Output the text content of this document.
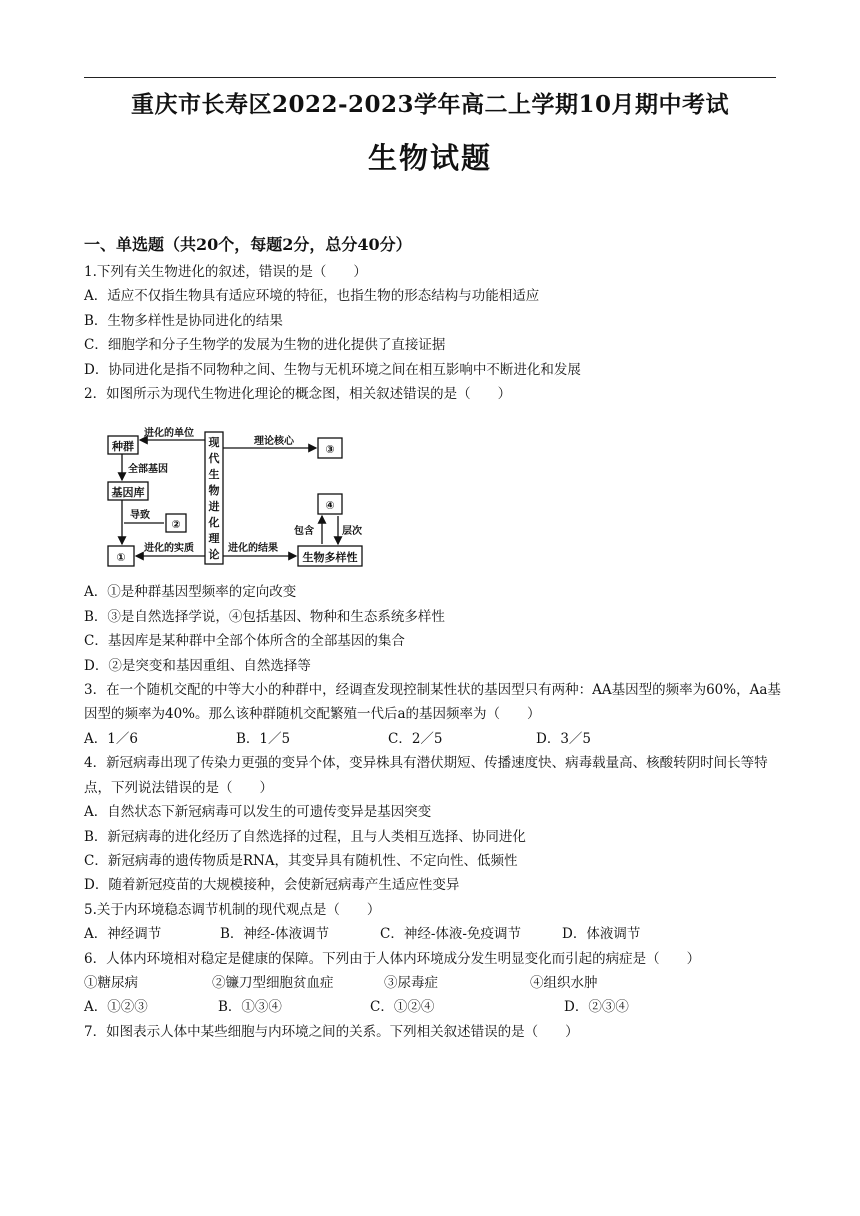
重庆市长寿区2022-2023学年高二上学期10月期中考试
生物试题
一、单选题（共20个，每题2分，总分40分）
1.下列有关生物进化的叙述，错误的是（　　）
A．适应不仅指生物具有适应环境的特征，也指生物的形态结构与功能相适应
B．生物多样性是协同进化的结果
C．细胞学和分子生物学的发展为生物的进化提供了直接证据
D．协同进化是指不同物种之间、生物与无机环境之间在相互影响中不断进化和发展
2．如图所示为现代生物进化理论的概念图，相关叙述错误的是（　　）
种群
基因库
②
①
③
④
生物多样性
现
代
生
物
进
化
理
论
进化的单位
理论核心
全部基因
导致
进化的实质	进化的结果
包含	层次
A．①是种群基因型频率的定向改变
B．③是自然选择学说，④包括基因、物种和生态系统多样性
C．基因库是某种群中全部个体所含的全部基因的集合
D．②是突变和基因重组、自然选择等
3．在一个随机交配的中等大小的种群中，经调查发现控制某性状的基因型只有两种：AA基因型的频率为60%，Aa基因型的频率为40%。那么该种群随机交配繁殖一代后a的基因频率为（　　）
A．1／6	B．1／5	C．2／5	D．3／5
4．新冠病毒出现了传染力更强的变异个体，变异株具有潜伏期短、传播速度快、病毒载量高、核酸转阴时间长等特点，下列说法错误的是（　　）
A．自然状态下新冠病毒可以发生的可遗传变异是基因突变
B．新冠病毒的进化经历了自然选择的过程，且与人类相互选择、协同进化
C．新冠病毒的遗传物质是RNA，其变异具有随机性、不定向性、低频性
D．随着新冠疫苗的大规模接种，会使新冠病毒产生适应性变异
5.关于内环境稳态调节机制的现代观点是（　　）
A．神经调节	B．神经-体液调节	C．神经-体液-免疫调节	D．体液调节
6．人体内环境相对稳定是健康的保障。下列由于人体内环境成分发生明显变化而引起的病症是（　　）
①糖尿病	②镰刀型细胞贫血症	③尿毒症	④组织水肿
A．①②③	B．①③④	C．①②④	D．②③④
7．如图表示人体中某些细胞与内环境之间的关系。下列相关叙述错误的是（　　）
